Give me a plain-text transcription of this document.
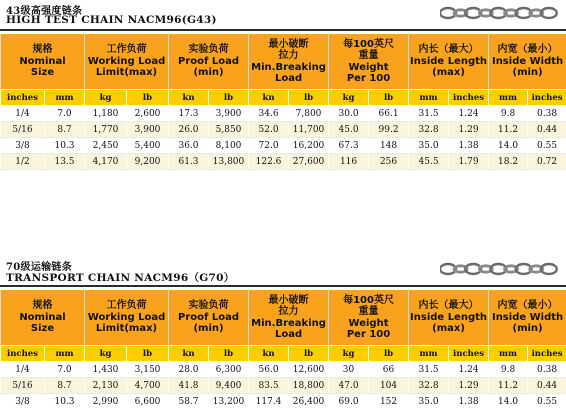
43级高强度链条
HIGH TEST CHAIN NACM96(G43)
规格
Nominal
Size		工作负荷
Working Load
Limit(max)		实验负荷
Proof Load
(min)		最小破断
拉力
Min.Breaking
Load		每100英尺
重量
Weight
Per 100		内长（最大）
Inside Length
(max)		内宽（最小）
Inside Width
(min)	

inches	mm	kg	lb	kn	lb	kn	lb	kg	lb	mm	inches	mm	inches
1/4	7.0	1,180	2,600	17.3	3,900	34.6	7,800	30.0	66.1	31.5	1.24	9.8	0.38
5/16	8.7	1,770	3,900	26.0	5,850	52.0	11,700	45.0	99.2	32.8	1.29	11.2	0.44
3/8	10.3	2,450	5,400	36.0	8,100	72.0	16,200	67.3	148	35.0	1.38	14.0	0.55
1/2	13.5	4,170	9,200	61.3	13,800	122.6	27,600	116	256	45.5	1.79	18.2	0.72
70级运输链条
TRANSPORT CHAIN NACM96（G70）
规格
Nominal
Size		工作负荷
Working Load
Limit(max)		实验负荷
Proof Load
(min)		最小破断
拉力
Min.Breaking
Load		每100英尺
重量
Weight
Per 100		内长（最大）
Inside Length
(max)		内宽（最小）
Inside Width
(min)	

inches	mm	kg	lb	kn	lb	kn	lb	kg	lb	mm	inches	mm	inches
1/4	7.0	1,430	3,150	28.0	6,300	56.0	12,600	30	66	31.5	1.24	9.8	0.38
5/16	8.7	2,130	4,700	41.8	9,400	83.5	18,800	47.0	104	32.8	1.29	11.2	0.44
3/8	10.3	2,990	6,600	58.7	13,200	117.4	26,400	69.0	152	35.0	1.38	14.0	0.55
